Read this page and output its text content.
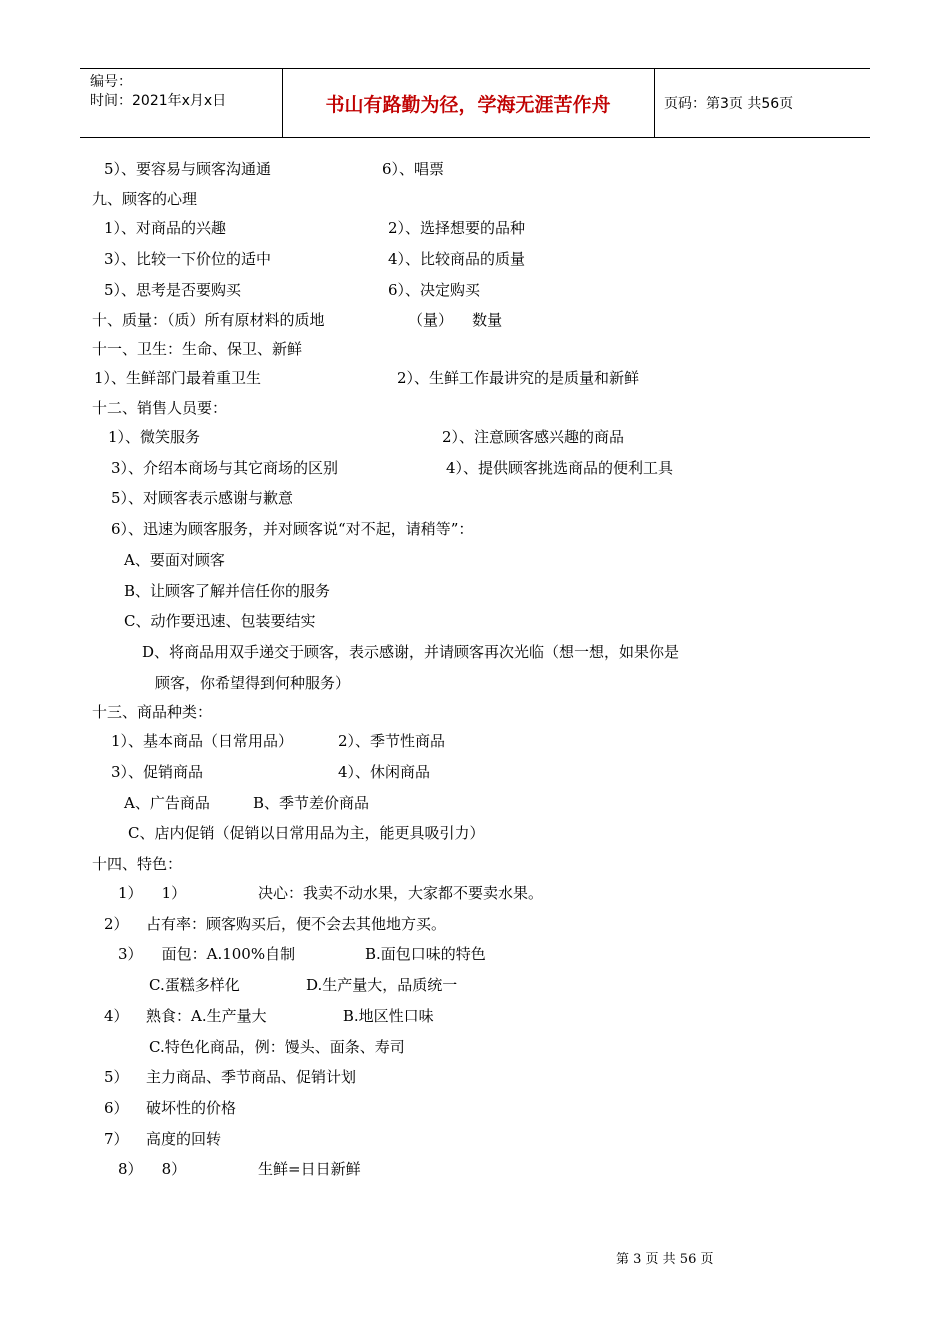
编号：
时间：2021年x月x日	书山有路勤为径，学海无涯苦作舟	页码：第3页 共56页
5）、要容易与顾客沟通通	6）、唱票
九、顾客的心理
1）、对商品的兴趣	2）、选择想要的品种
3）、比较一下价位的适中	4）、比较商品的质量
5）、思考是否要购买	6）、决定购买
十、质量：（质）所有原材料的质地	（量）    数量
十一、卫生：生命、保卫、新鲜
1）、生鲜部门最着重卫生	2）、生鲜工作最讲究的是质量和新鲜
十二、销售人员要：
1）、微笑服务	2）、注意顾客感兴趣的商品
3）、介绍本商场与其它商场的区别	4）、提供顾客挑选商品的便利工具
5）、对顾客表示感谢与歉意
6）、迅速为顾客服务，并对顾客说“对不起，请稍等”：
A、要面对顾客
B、让顾客了解并信任你的服务
C、动作要迅速、包装要结实
D、将商品用双手递交于顾客，表示感谢，并请顾客再次光临（想一想，如果你是
顾客，你希望得到何种服务）
十三、商品种类：
1）、基本商品（日常用品）	2）、季节性商品
3）、促销商品	4）、休闲商品
A、广告商品	B、季节差价商品
C、店内促销（促销以日常用品为主，能更具吸引力）
十四、特色：
1）    1）	决心：我卖不动水果，大家都不要卖水果。
2） 占有率：顾客购买后，便不会去其他地方买。
3）    面包：A.100%自制	B.面包口味的特色
C.蛋糕多样化	D.生产量大，品质统一
4） 熟食：A.生产量大                B.地区性口味
C.特色化商品，例：馒头、面条、寿司
5） 主力商品、季节商品、促销计划
6） 破坏性的价格
7） 高度的回转
8）    8）	生鲜=日日新鲜
第 3 页 共 56 页
